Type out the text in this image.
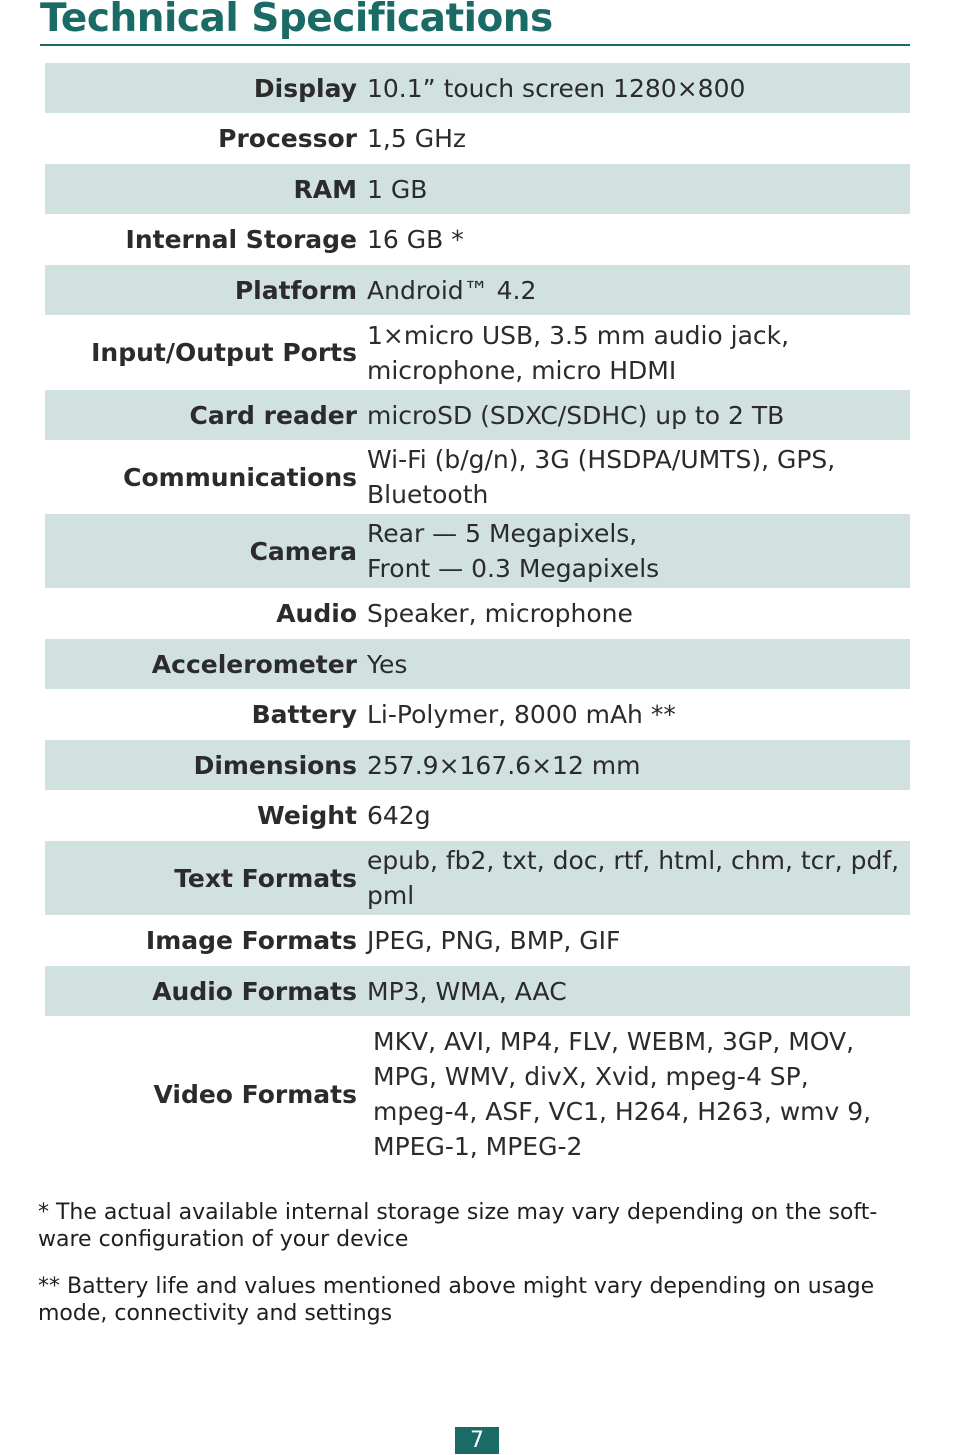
Technical Specifications
Display 10.1” touch screen 1280×800
Processor 1,5 GHz
RAM 1 GB
Internal Storage 16 GB *
Platform Android™ 4.2
Input/Output Ports
1×micro USB, 3.5 mm audio jack,
microphone, micro HDMI
Card reader microSD (SDXC/SDHC) up to 2 TB
Communications
Wi-Fi (b/g/n), 3G (HSDPA/UMTS), GPS,
Bluetooth
Camera
Rear — 5 Megapixels,
Front — 0.3 Megapixels
Audio Speaker, microphone
Accelerometer Yes
Battery Li-Polymer, 8000 mAh **
Dimensions 257.9×167.6×12 mm
Weight 642g
Text Formats
epub, fb2, txt, doc, rtf, html, chm, tcr, pdf,
pml
Image Formats JPEG, PNG, BMP, GIF
Audio Formats MP3, WMA, AAC
Video Formats
MKV, AVI, MP4, FLV, WEBM, 3GP, MOV,
MPG, WMV, divX, Xvid, mpeg-4 SP,
mpeg-4, ASF, VC1, H264, H263, wmv 9,
MPEG-1, MPEG-2
* The actual available internal storage size may vary depending on the soft-
ware configuration of your device
** Battery life and values mentioned above might vary depending on usage
mode, connectivity and settings
7
